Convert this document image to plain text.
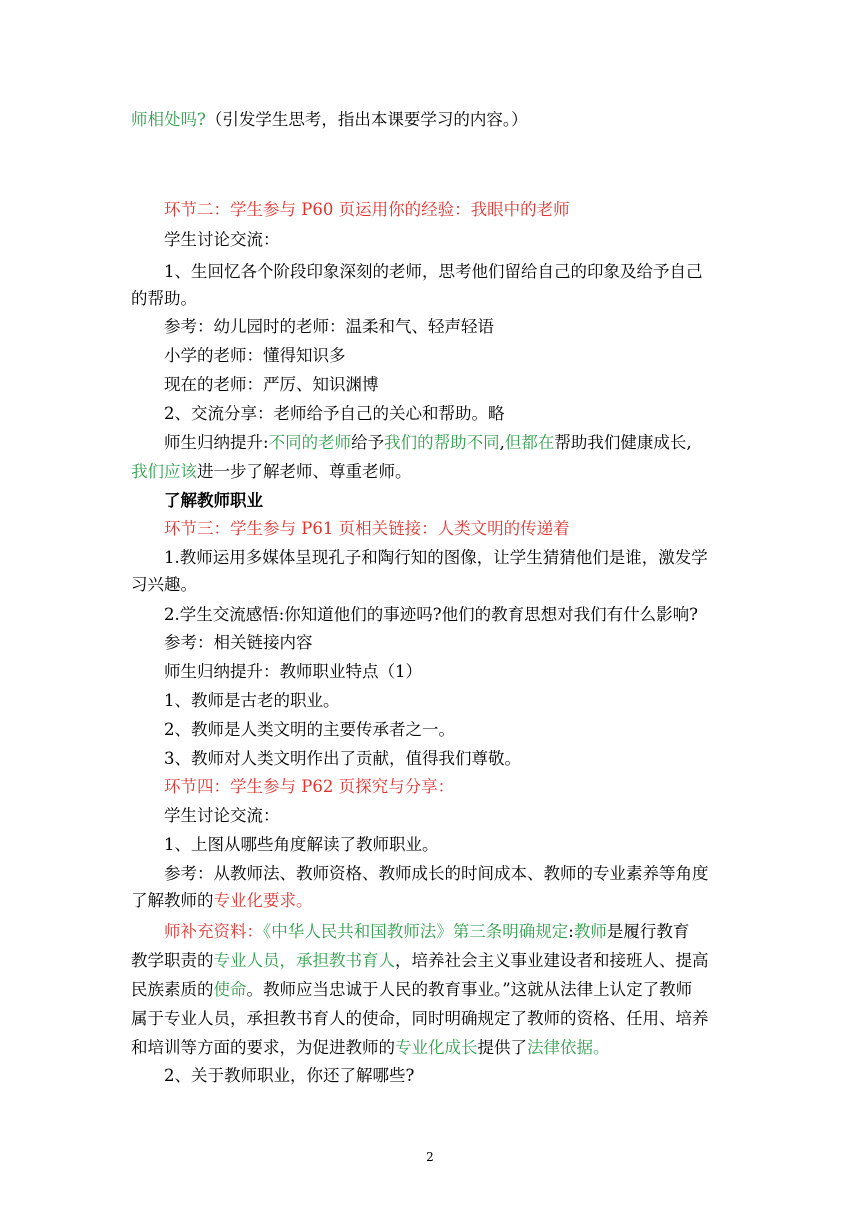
师相处吗?（引发学生思考，指出本课要学习的内容。）
环节二：学生参与 P60 页运用你的经验：我眼中的老师
学生讨论交流：
1、生回忆各个阶段印象深刻的老师，思考他们留给自己的印象及给予自己
的帮助。
参考：幼儿园时的老师：温柔和气、轻声轻语
小学的老师：懂得知识多
现在的老师：严厉、知识渊博
2、交流分享：老师给予自己的关心和帮助。略
师生归纳提升:不同的老师给予我们的帮助不同,但都在帮助我们健康成长,
我们应该进一步了解老师、尊重老师。
了解教师职业
环节三：学生参与 P61 页相关链接：人类文明的传递着
1.教师运用多媒体呈现孔子和陶行知的图像，让学生猜猜他们是谁，激发学
习兴趣。
2.学生交流感悟:你知道他们的事迹吗?他们的教育思想对我们有什么影响?
参考：相关链接内容
师生归纳提升：教师职业特点（1）
1、教师是古老的职业。
2、教师是人类文明的主要传承者之一。
3、教师对人类文明作出了贡献，值得我们尊敬。
环节四：学生参与 P62 页探究与分享：
学生讨论交流：
1、上图从哪些角度解读了教师职业。
参考：从教师法、教师资格、教师成长的时间成本、教师的专业素养等角度
了解教师的专业化要求。
师补充资料：《中华人民共和国教师法》第三条明确规定:教师是履行教育
教学职责的专业人员，承担教书育人，培养社会主义事业建设者和接班人、提高
民族素质的使命。教师应当忠诚于人民的教育事业。”这就从法律上认定了教师
属于专业人员，承担教书育人的使命，同时明确规定了教师的资格、任用、培养
和培训等方面的要求，为促进教师的专业化成长提供了法律依据。
2、关于教师职业，你还了解哪些?
2
